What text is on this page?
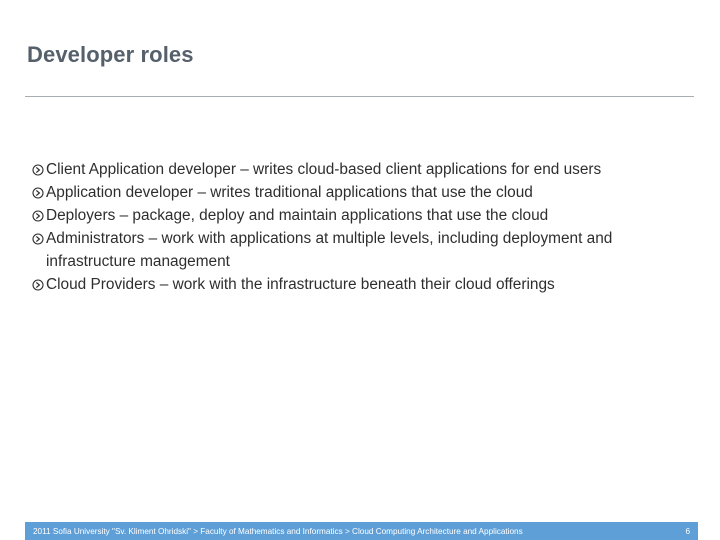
Developer roles
Client Application developer – writes cloud-based client applications for end users
Application developer – writes traditional applications that use the cloud
Deployers – package, deploy and maintain applications that use the cloud
Administrators – work with applications at multiple levels, including deployment and infrastructure management
Cloud Providers – work with the infrastructure beneath their cloud offerings
2011 Sofia University "Sv. Kliment Ohridski" > Faculty of Mathematics and Informatics > Cloud Computing Architecture and Applications	6
